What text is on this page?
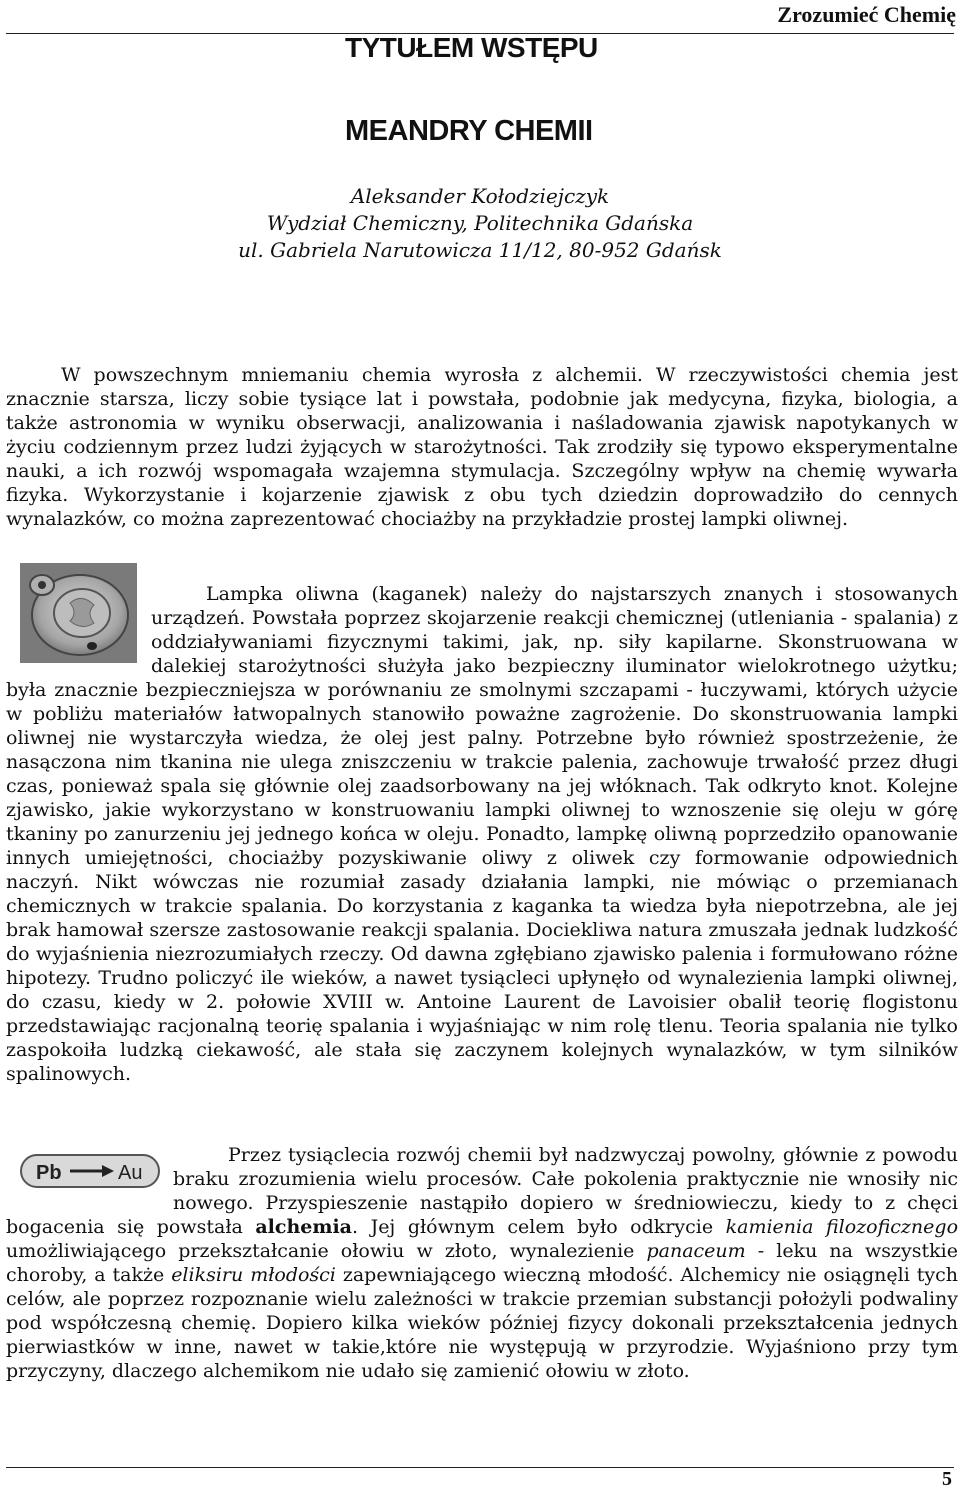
Zrozumieć Chemię
TYTUŁEM WSTĘPU
MEANDRY CHEMII
Aleksander Kołodziejczyk
Wydział Chemiczny, Politechnika Gdańska
ul. Gabriela Narutowicza 11/12, 80-952 Gdańsk

W powszechnym mniemaniu chemia wyrosła z alchemii. W rzeczywistości chemia jest znacznie starsza, liczy sobie tysiące lat i powstała, podobnie jak medycyna, fizyka, biologia, a także astronomia w wyniku obserwacji, analizowania i naśladowania zjawisk napotykanych w życiu codziennym przez ludzi żyjących w starożytności. Tak zrodziły się typowo eksperymentalne nauki, a ich rozwój wspomagała wzajemna stymulacja. Szczególny wpływ na chemię wywarła fizyka. Wykorzystanie i kojarzenie zjawisk z obu tych dziedzin doprowadziło do cennych wynalazków, co można zaprezentować chociażby na przykładzie prostej lampki oliwnej.

Lampka oliwna (kaganek) należy do najstarszych znanych i stosowanych urządzeń. Powstała poprzez skojarzenie reakcji chemicznej (utleniania - spalania) z oddziaływaniami fizycznymi takimi, jak, np. siły kapilarne. Skonstruowana w dalekiej starożytności służyła jako bezpieczny iluminator wielokrotnego użytku; była znacznie bezpieczniejsza w porównaniu ze smolnymi szczapami - łuczywami, których użycie w pobliżu materiałów łatwopalnych stanowiło poważne zagrożenie. Do skonstruowania lampki oliwnej nie wystarczyła wiedza, że olej jest palny. Potrzebne było również spostrzeżenie, że nasączona nim tkanina nie ulega zniszczeniu w trakcie palenia, zachowuje trwałość przez długi czas, ponieważ spala się głównie olej zaadsorbowany na jej włóknach. Tak odkryto knot. Kolejne zjawisko, jakie wykorzystano w konstruowaniu lampki oliwnej to wznoszenie się oleju w górę tkaniny po zanurzeniu jej jednego końca w oleju. Ponadto, lampkę oliwną poprzedziło opanowanie innych umiejętności, chociażby pozyskiwanie oliwy z oliwek czy formowanie odpowiednich naczyń. Nikt wówczas nie rozumiał zasady działania lampki, nie mówiąc o przemianach chemicznych w trakcie spalania. Do korzystania z kaganka ta wiedza była niepotrzebna, ale jej brak hamował szersze zastosowanie reakcji spalania. Dociekliwa natura zmuszała jednak ludzkość do wyjaśnienia niezrozumiałych rzeczy. Od dawna zgłębiano zjawisko palenia i formułowano różne hipotezy. Trudno policzyć ile wieków, a nawet tysiącleci upłynęło od wynalezienia lampki oliwnej, do czasu, kiedy w 2. połowie XVIII w. Antoine Laurent de Lavoisier obalił teorię flogistonu przedstawiając racjonalną teorię spalania i wyjaśniając w nim rolę tlenu. Teoria spalania nie tylko zaspokoiła ludzką ciekawość, ale stała się zaczynem kolejnych wynalazków, w tym silników spalinowych.

Przez tysiąclecia rozwój chemii był nadzwyczaj powolny, głównie z powodu braku zrozumienia wielu procesów. Całe pokolenia praktycznie nie wnosiły nic nowego. Przyspieszenie nastąpiło dopiero w średniowieczu, kiedy to z chęci bogacenia się powstała alchemia. Jej głównym celem było odkrycie kamienia filozoficznego umożliwiającego przekształcanie ołowiu w złoto, wynalezienie panaceum - leku na wszystkie choroby, a także eliksiru młodości zapewniającego wieczną młodość. Alchemicy nie osiągnęli tych celów, ale poprzez rozpoznanie wielu zależności w trakcie przemian substancji położyli podwaliny pod współczesną chemię. Dopiero kilka wieków później fizycy dokonali przekształcenia jednych pierwiastków w inne, nawet w takie,które nie występują w przyrodzie. Wyjaśniono przy tym przyczyny, dlaczego alchemikom nie udało się zamienić ołowiu w złoto.

Pb	Au
5
